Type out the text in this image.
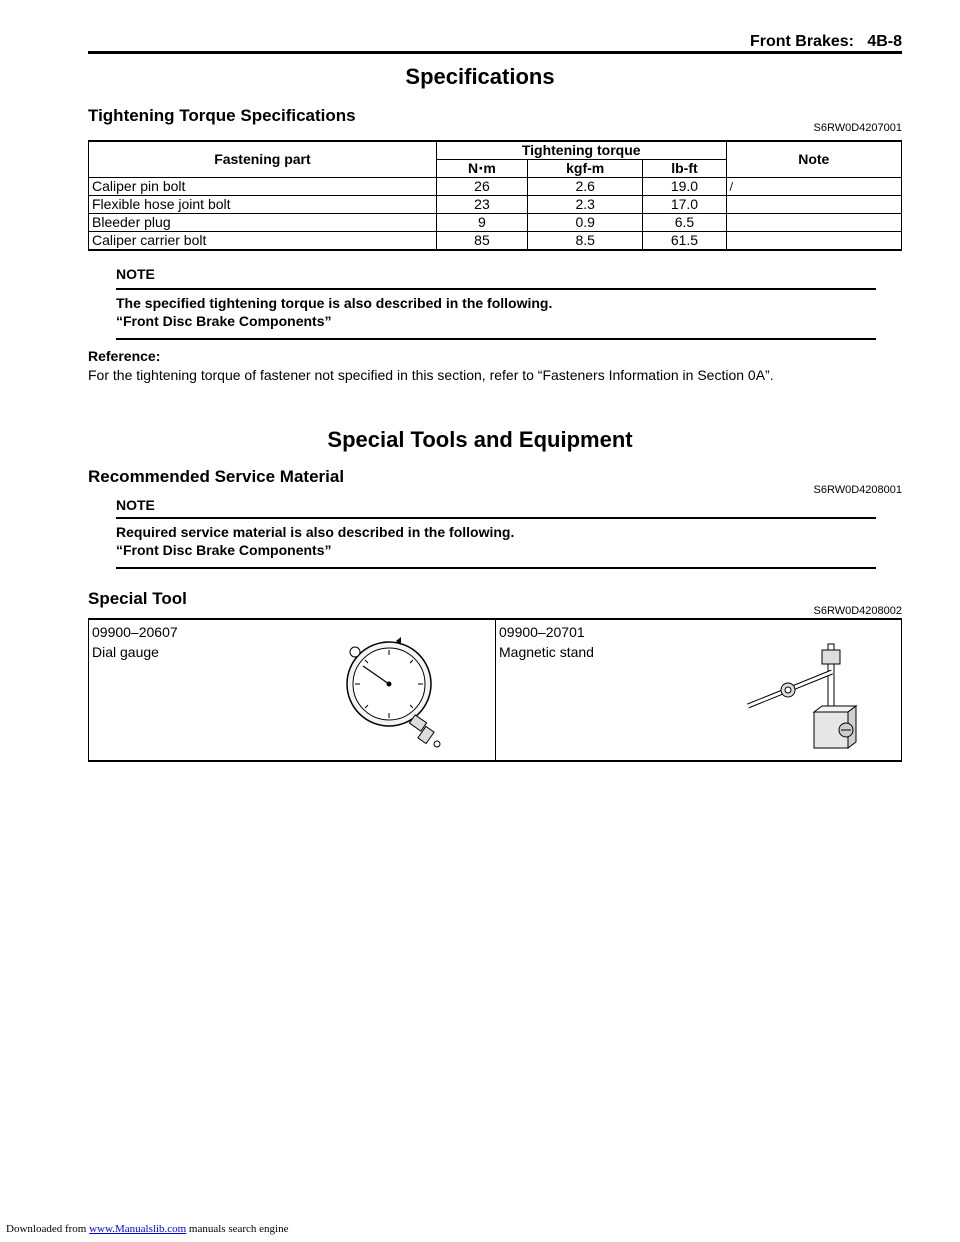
Front Brakes: 4B-8
Specifications
Tightening Torque Specifications
S6RW0D4207001
Fastening part	Tightening torque			Note
	N⋅m	kgf-m	lb-ft	
Caliper pin bolt	26	2.6	19.0	/
Flexible hose joint bolt	23	2.3	17.0	
Bleeder plug	9	0.9	6.5	
Caliper carrier bolt	85	8.5	61.5	
NOTE
The specified tightening torque is also described in the following.
“Front Disc Brake Components”
Reference:
For the tightening torque of fastener not specified in this section, refer to “Fasteners Information in Section 0A”.
Special Tools and Equipment
Recommended Service Material
S6RW0D4208001
NOTE
Required service material is also described in the following.
“Front Disc Brake Components”
Special Tool
S6RW0D4208002
09900–20607
Dial gauge

09900–20701
Magnetic stand
Downloaded from www.Manualslib.com manuals search engine
